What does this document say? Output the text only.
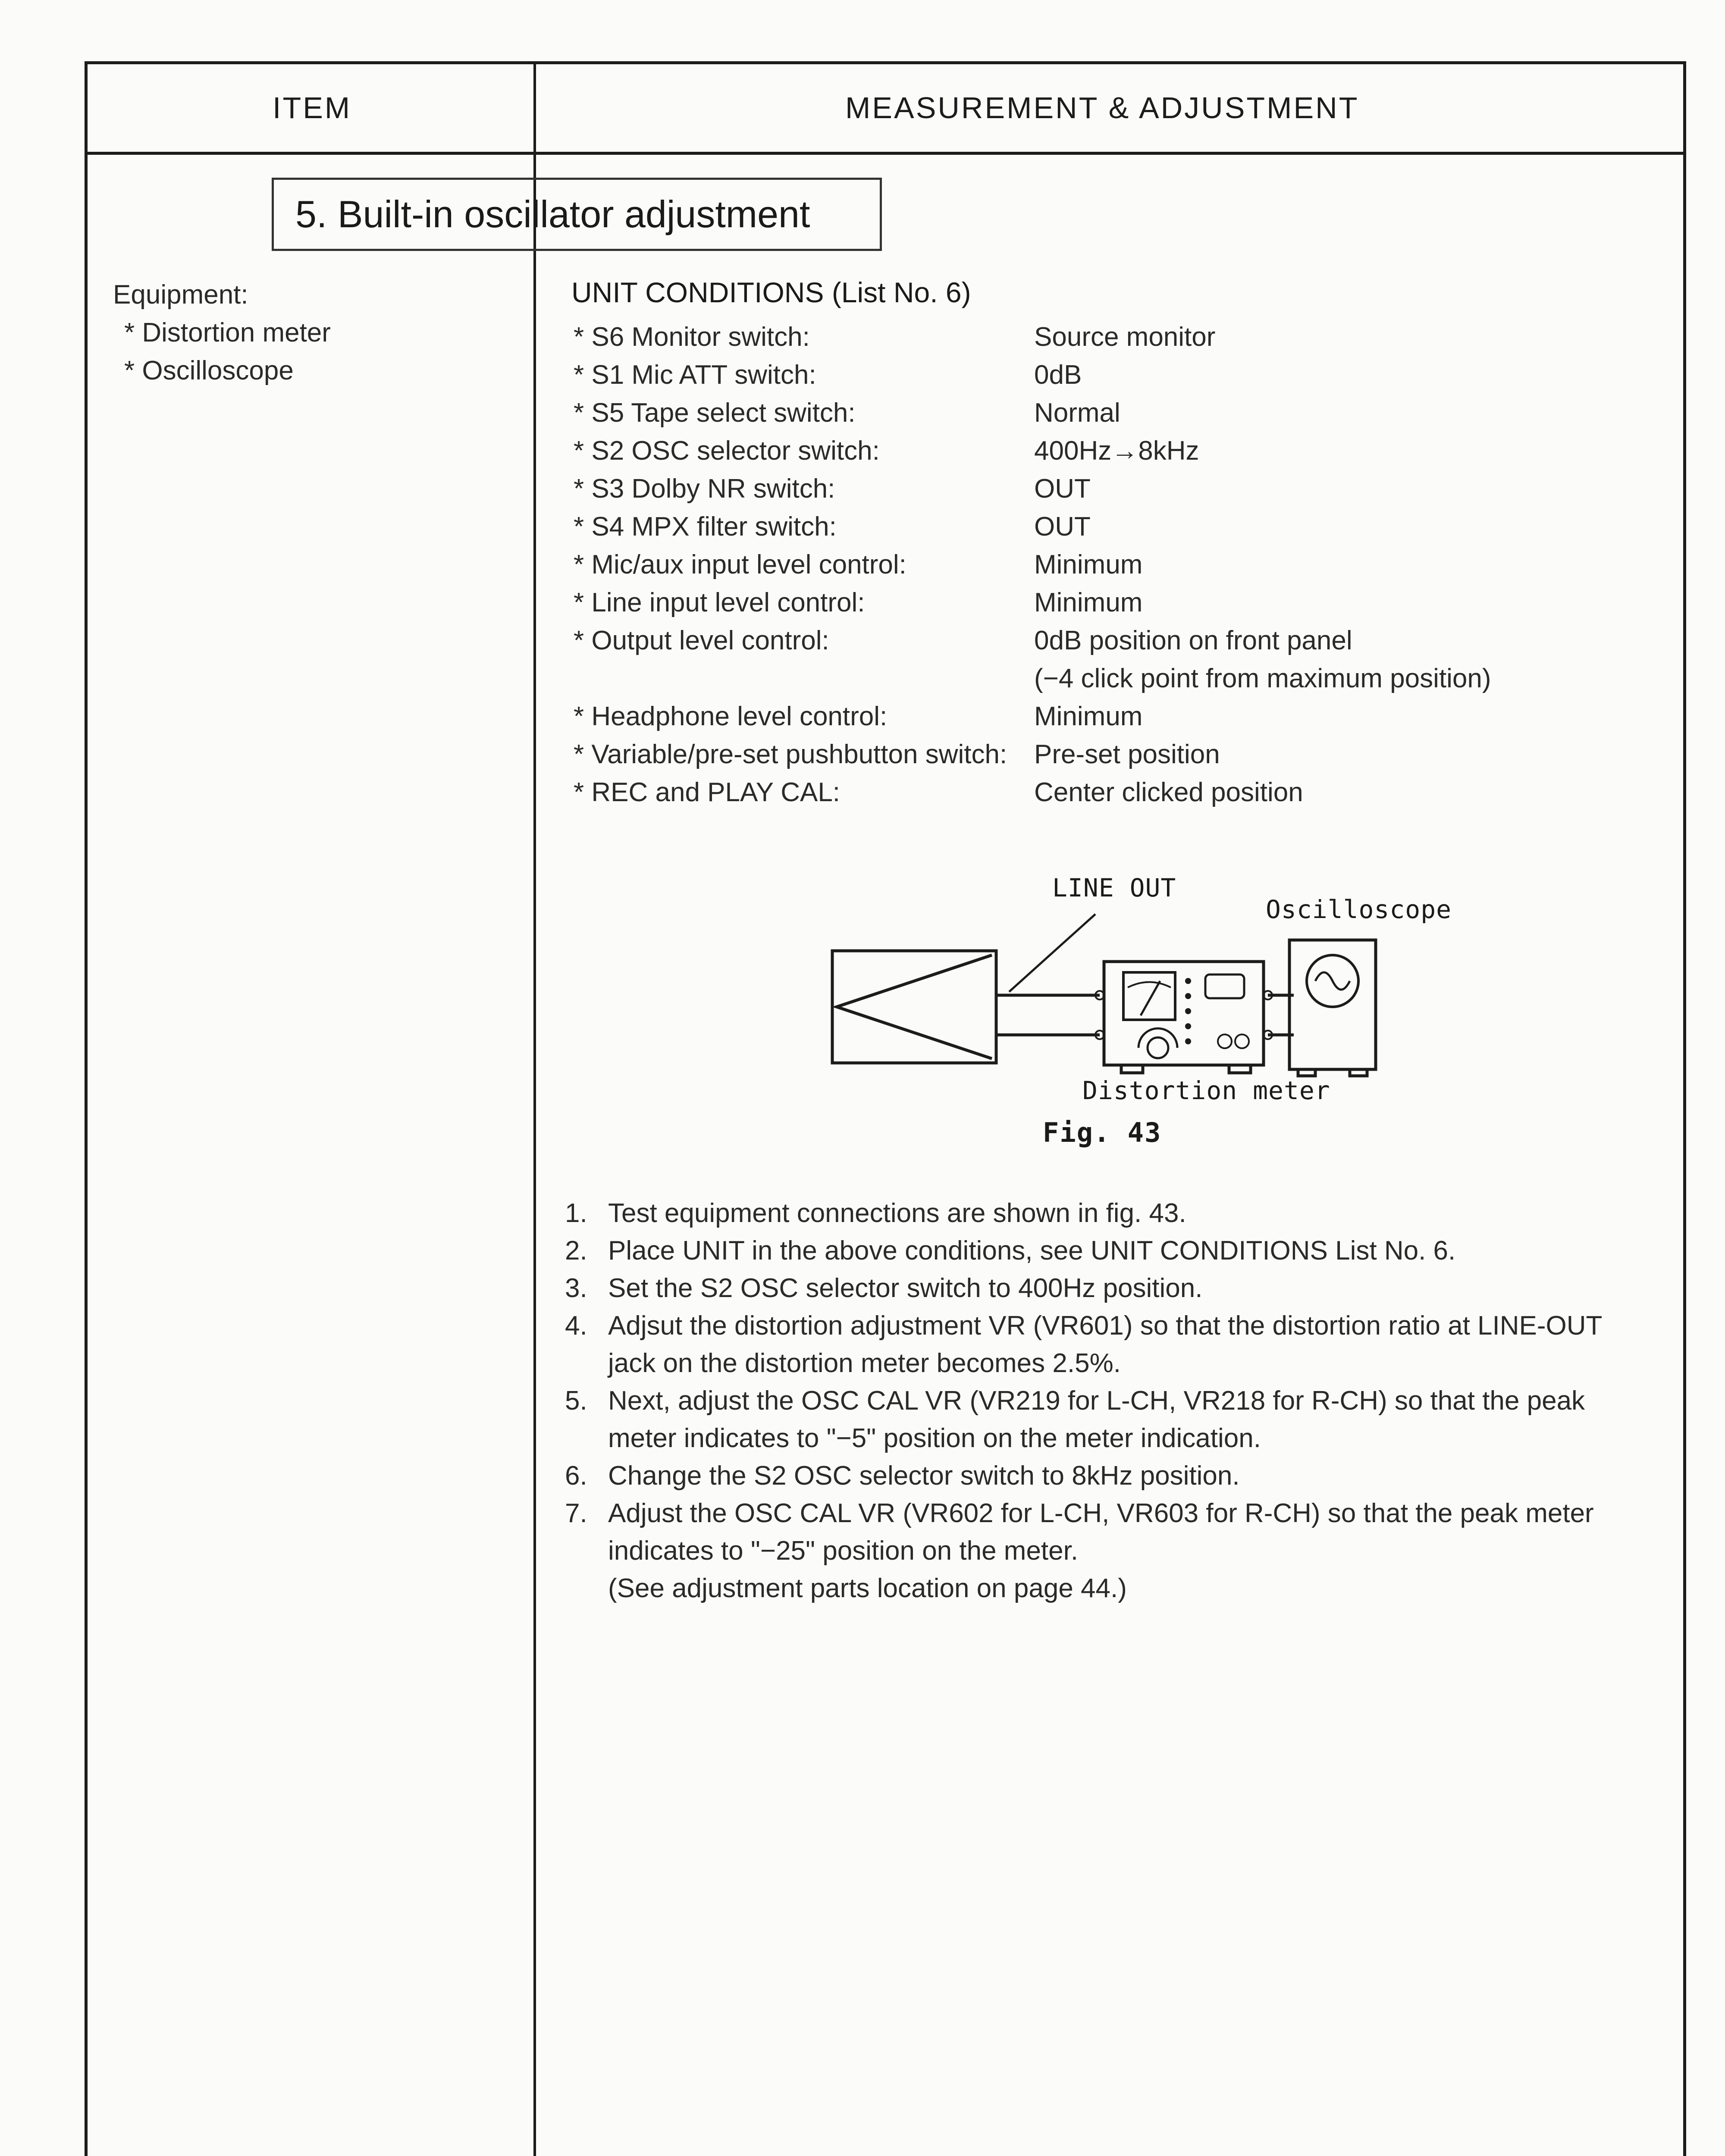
ITEM	MEASUREMENT & ADJUSTMENT
5. Built-in oscillator adjustment
Equipment:
* Distortion meter
* Oscilloscope
UNIT CONDITIONS (List No. 6)
* S6 Monitor switch:
* S1 Mic ATT switch:
* S5 Tape select switch:
* S2 OSC selector switch:
* S3 Dolby NR switch:
* S4 MPX filter switch:
* Mic/aux input level control:
* Line input level control:
* Output level control:
* Headphone level control:
* Variable/pre-set pushbutton switch:
* REC and PLAY CAL:
Source monitor
0dB
Normal
400Hz→8kHz
OUT
OUT
Minimum
Minimum
0dB position on front panel
(−4 click point from maximum position)
Minimum
Pre-set position
Center clicked position
LINE OUT
Oscilloscope
Distortion meter
Fig. 43
1. Test equipment connections are shown in fig. 43.
2. Place UNIT in the above conditions, see UNIT CONDITIONS List No. 6.
3. Set the S2 OSC selector switch to 400Hz position.
4. Adjsut the distortion adjustment VR (VR601) so that the distortion ratio at LINE-OUT jack on the distortion meter becomes 2.5%.
5. Next, adjust the OSC CAL VR (VR219 for L-CH, VR218 for R-CH) so that the peak meter indicates to "−5" position on the meter indication.
6. Change the S2 OSC selector switch to 8kHz position.
7. Adjust the OSC CAL VR (VR602 for L-CH, VR603 for R-CH) so that the peak meter indicates to "−25" position on the meter.
(See adjustment parts location on page 44.)
